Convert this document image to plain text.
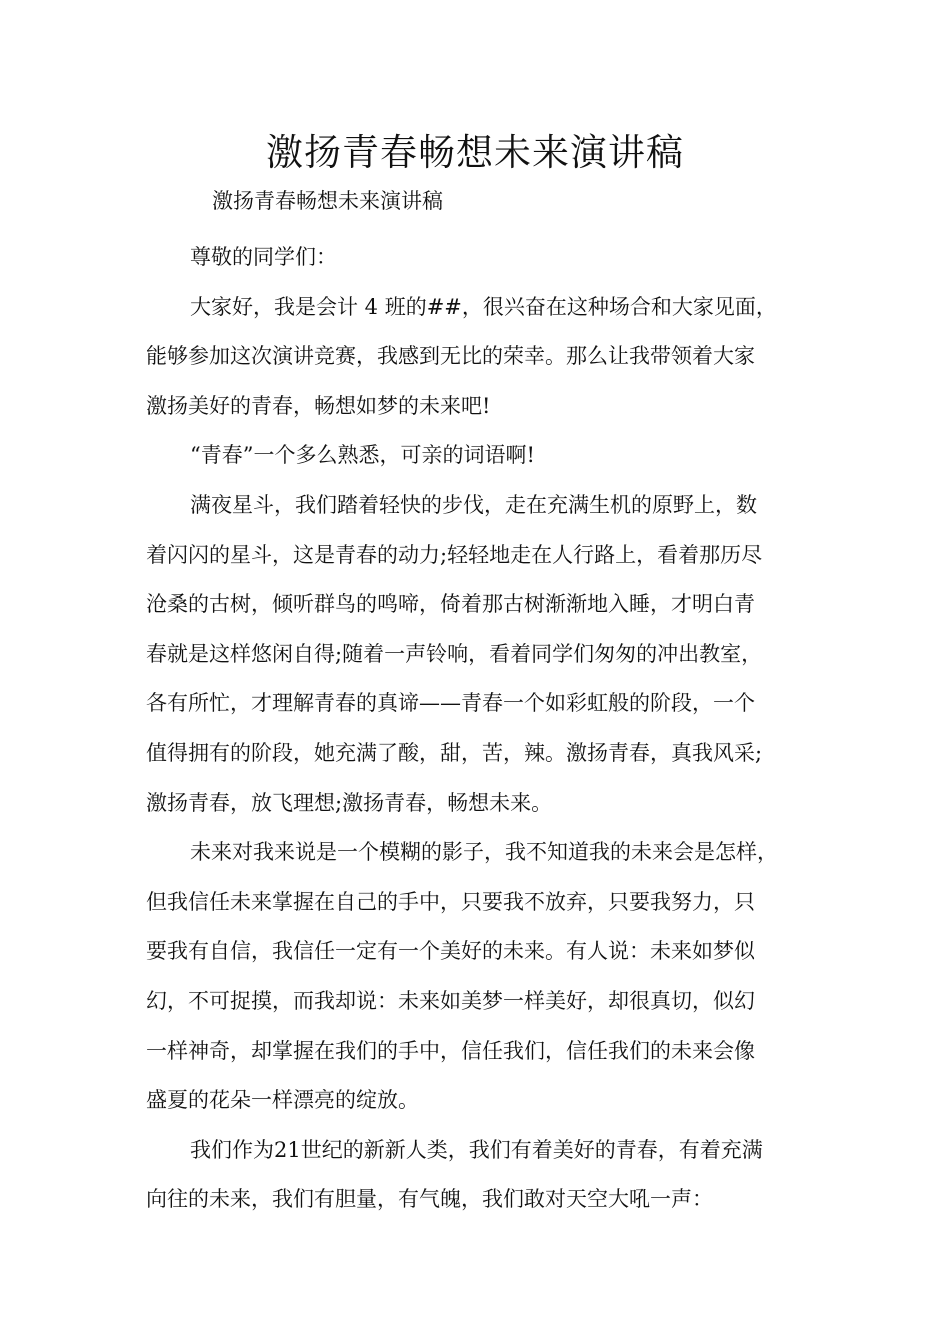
激扬青春畅想未来演讲稿

激扬青春畅想未来演讲稿

尊敬的同学们：
大家好，我是会计 4 班的##，很兴奋在这种场合和大家见面，
能够参加这次演讲竞赛，我感到无比的荣幸。那么让我带领着大家
激扬美好的青春，畅想如梦的未来吧!
“青春”一个多么熟悉，可亲的词语啊!
满夜星斗，我们踏着轻快的步伐，走在充满生机的原野上，数
着闪闪的星斗，这是青春的动力;轻轻地走在人行路上，看着那历尽
沧桑的古树，倾听群鸟的鸣啼，倚着那古树渐渐地入睡，才明白青
春就是这样悠闲自得;随着一声铃响，看着同学们匆匆的冲出教室，
各有所忙，才理解青春的真谛——青春一个如彩虹般的阶段，一个
值得拥有的阶段，她充满了酸，甜，苦，辣。激扬青春，真我风采;
激扬青春，放飞理想;激扬青春，畅想未来。
未来对我来说是一个模糊的影子，我不知道我的未来会是怎样，
但我信任未来掌握在自己的手中，只要我不放弃，只要我努力，只
要我有自信，我信任一定有一个美好的未来。有人说：未来如梦似
幻，不可捉摸，而我却说：未来如美梦一样美好，却很真切，似幻
一样神奇，却掌握在我们的手中，信任我们，信任我们的未来会像
盛夏的花朵一样漂亮的绽放。
我们作为21世纪的新新人类，我们有着美好的青春，有着充满
向往的未来，我们有胆量，有气魄，我们敢对天空大吼一声：
